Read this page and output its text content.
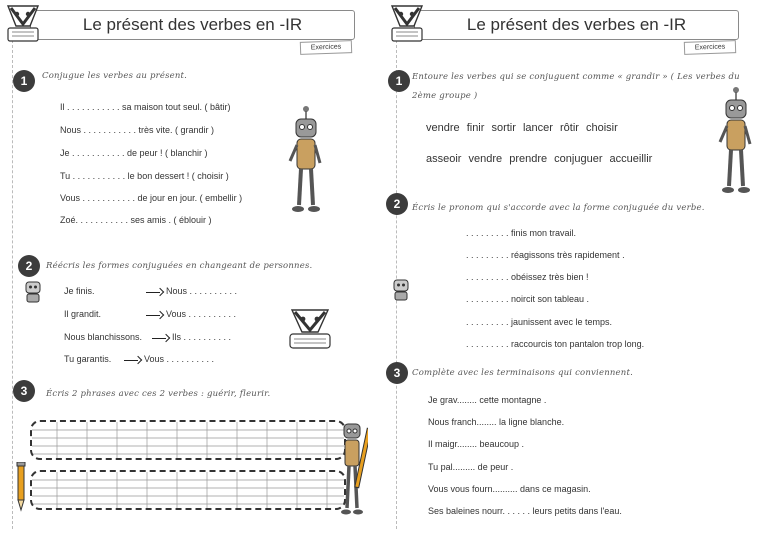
Le présent des verbes en -IR
Exercices
1	Conjugue les verbes au présent.
Il . . . . . . . . . . . sa maison tout seul. ( bâtir)
Nous . . . . . . . . . . . très vite. ( grandir )
Je . . . . . . . . . . . de peur ! ( blanchir )
Tu . . . . . . . . . . . le bon dessert ! ( choisir )
Vous . . . . . . . . . . . de jour en jour. ( embellir )
Zoé. . . . . . . . . . . ses amis . ( éblouir )
2	Réécris les formes conjuguées en changeant de personnes.
Je finis.	Nous . . . . . . . . . .
Il grandit.	Vous . . . . . . . . . .
Nous blanchissons.	Ils . . . . . . . . . .
Tu garantis.	Vous . . . . . . . . . .
3	Écris 2 phrases avec ces 2 verbes : guérir, fleurir.
Le présent des verbes en -IR
Exercices
1	Entoure les verbes qui se conjuguent comme « grandir » ( Les verbes du 2ème groupe )
vendre finir sortir lancer rôtir choisir
asseoir vendre prendre conjuguer accueillir
2	Écris le pronom qui s'accorde avec la forme conjuguée du verbe.
. . . . . . . . . finis mon travail.
. . . . . . . . . réagissons très rapidement .
. . . . . . . . . obéissez très bien !
. . . . . . . . . noircit son tableau .
. . . . . . . . . jaunissent avec le temps.
. . . . . . . . . raccourcis ton pantalon trop long.
3	Complète avec les terminaisons qui conviennent.
Je grav........ cette montagne .
Nous franch........ la ligne blanche.
Il maigr........ beaucoup .
Tu pal......... de peur .
Vous vous fourn.......... dans ce magasin.
Ses baleines nourr. . . . . . leurs petits dans l'eau.
